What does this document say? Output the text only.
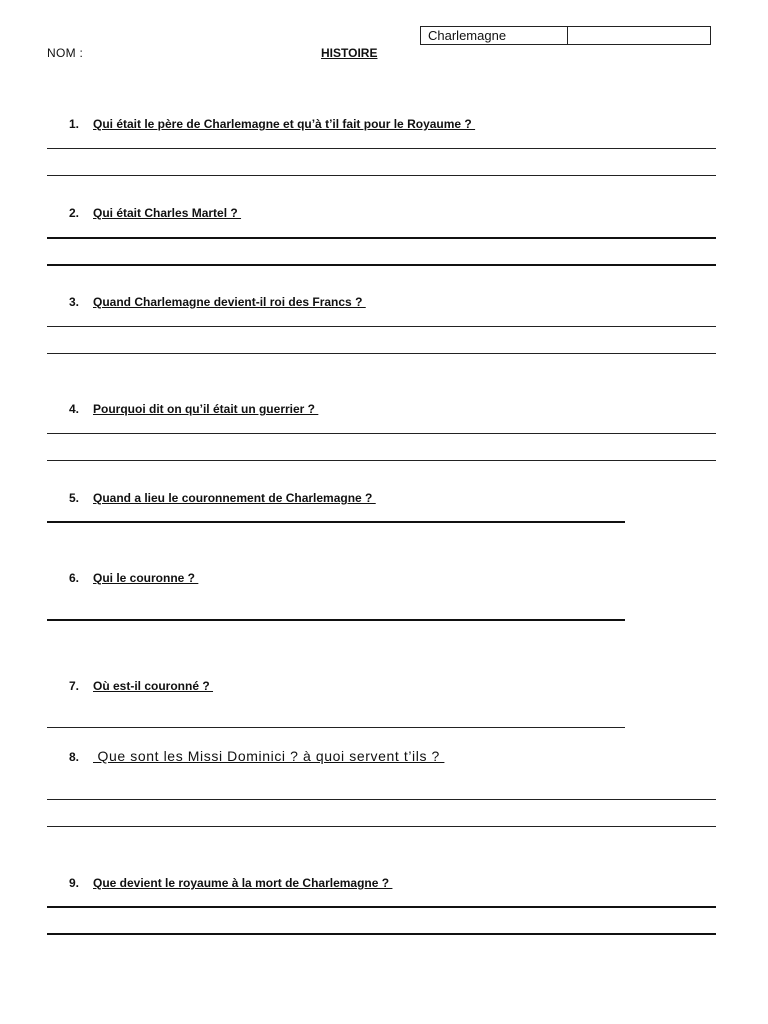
Charlemagne
NOM :	HISTOIRE
1.	Qui était le père de Charlemagne et qu’à t’il fait pour le Royaume ?
2.	Qui était Charles Martel ?
3.	Quand Charlemagne devient-il roi des Francs ?
4.	Pourquoi dit on qu’il était un guerrier ?
5.	Quand a lieu le couronnement de Charlemagne ?
6.	Qui le couronne ?
7.	Où est-il couronné ?
8. Que sont les Missi Dominici ? à quoi servent t’ils ?
9.	Que devient le royaume à la mort de Charlemagne ?
